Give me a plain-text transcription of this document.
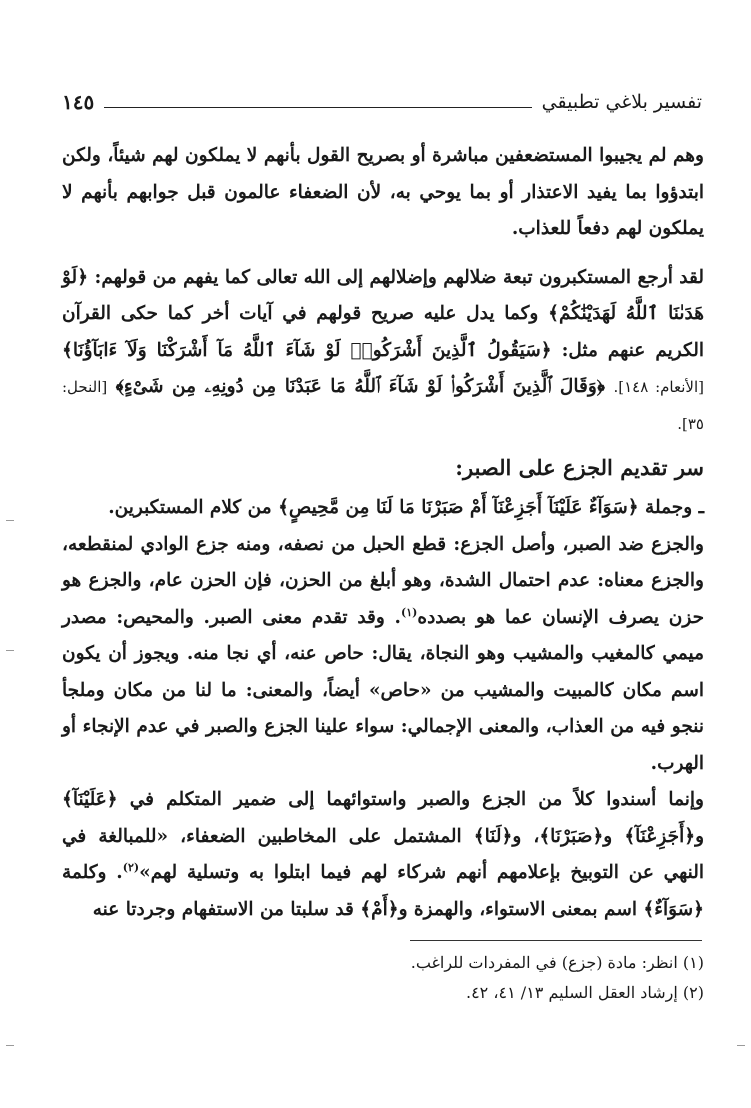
تفسير بلاغي تطبيقي
١٤٥

وهم لم يجيبوا المستضعفين مباشرة أو بصريح القول بأنهم لا يملكون لهم شيئاً، ولكن ابتدؤوا بما يفيد الاعتذار أو بما يوحي به، لأن الضعفاء عالمون قبل جوابهم بأنهم لا يملكون لهم دفعاً للعذاب.

لقد أرجع المستكبرون تبعة ضلالهم وإضلالهم إلى الله تعالى كما يفهم من قولهم: ﴿لَوْ هَدَىٰنَا ٱللَّهُ لَهَدَيْنَٰكُمْ﴾ وكما يدل عليه صريح قولهم في آيات أخر كما حكى القرآن الكريم عنهم مثل: ﴿سَيَقُولُ ٱلَّذِينَ أَشْرَكُوا۟ لَوْ شَآءَ ٱللَّهُ مَآ أَشْرَكْنَا وَلَآ ءَابَآؤُنَا﴾ [الأنعام: ١٤٨]. ﴿وَقَالَ ٱلَّذِينَ أَشْرَكُوا۟ لَوْ شَآءَ ٱللَّهُ مَا عَبَدْنَا مِن دُونِهِۦ مِن شَىْءٍ﴾ [النحل: ٣٥].

سر تقديم الجزع على الصبر:

ـ وجملة ﴿سَوَآءٌ عَلَيْنَآ أَجَزِعْنَآ أَمْ صَبَرْنَا مَا لَنَا مِن مَّحِيصٍ﴾ من كلام المستكبرين.

والجزع ضد الصبر، وأصل الجزع: قطع الحبل من نصفه، ومنه جزع الوادي لمنقطعه، والجزع معناه: عدم احتمال الشدة، وهو أبلغ من الحزن، فإن الحزن عام، والجزع هو حزن يصرف الإنسان عما هو بصدده$^{(١)}$. وقد تقدم معنى الصبر. والمحيص: مصدر ميمي كالمغيب والمشيب وهو النجاة، يقال: حاص عنه، أي نجا منه. ويجوز أن يكون اسم مكان كالمبيت والمشيب من «حاص» أيضاً، والمعنى: ما لنا من مكان وملجأ ننجو فيه من العذاب، والمعنى الإجمالي: سواء علينا الجزع والصبر في عدم الإنجاء أو الهرب.

وإنما أسندوا كلاً من الجزع والصبر واستوائهما إلى ضمير المتكلم في ﴿عَلَيْنَآ﴾ و﴿أَجَزِعْنَآ﴾ و﴿صَبَرْنَا﴾، و﴿لَنَا﴾ المشتمل على المخاطبين الضعفاء، «للمبالغة في النهي عن التوبيخ بإعلامهم أنهم شركاء لهم فيما ابتلوا به وتسلية لهم»$^{(٢)}$. وكلمة ﴿سَوَآءٌ﴾ اسم بمعنى الاستواء، والهمزة و﴿أَمْ﴾ قد سلبتا من الاستفهام وجردتا عنه

(١) انظر: مادة (جزع) في المفردات للراغب.

(٢) إرشاد العقل السليم ١٣/ ٤١، ٤٢.
